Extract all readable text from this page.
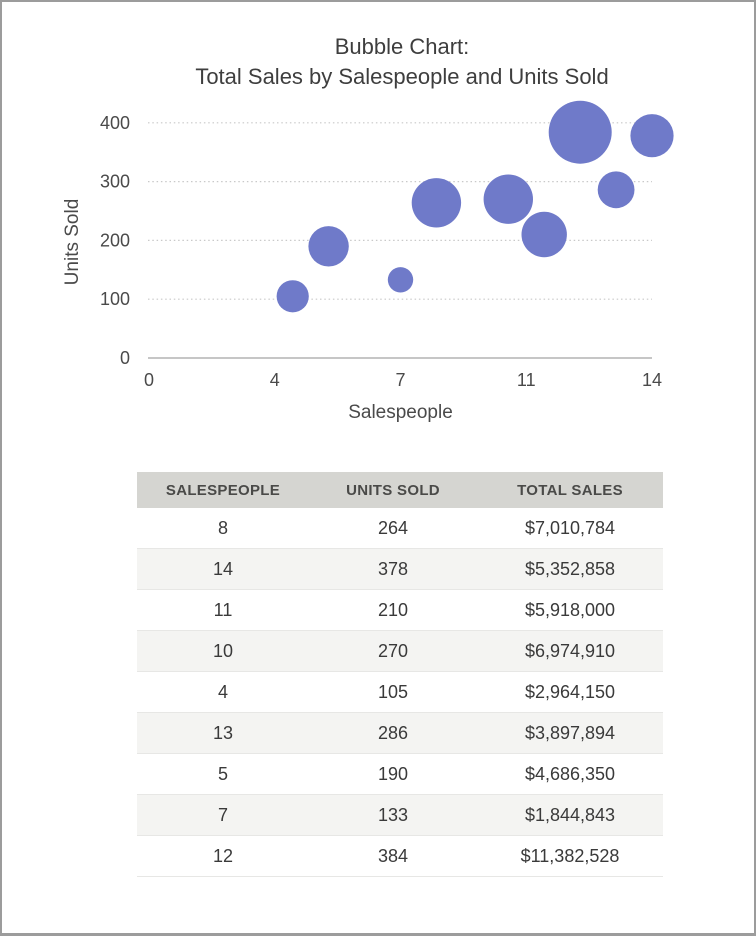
Bubble Chart:
Total Sales by Salespeople and Units Sold
Units Sold
0
100
200
300
400
0	4	7	11	14
Salespeople
SALESPEOPLE	UNITS SOLD	TOTAL SALES
8	264	$7,010,784
14	378	$5,352,858
11	210	$5,918,000
10	270	$6,974,910
4	105	$2,964,150
13	286	$3,897,894
5	190	$4,686,350
7	133	$1,844,843
12	384	$11,382,528
